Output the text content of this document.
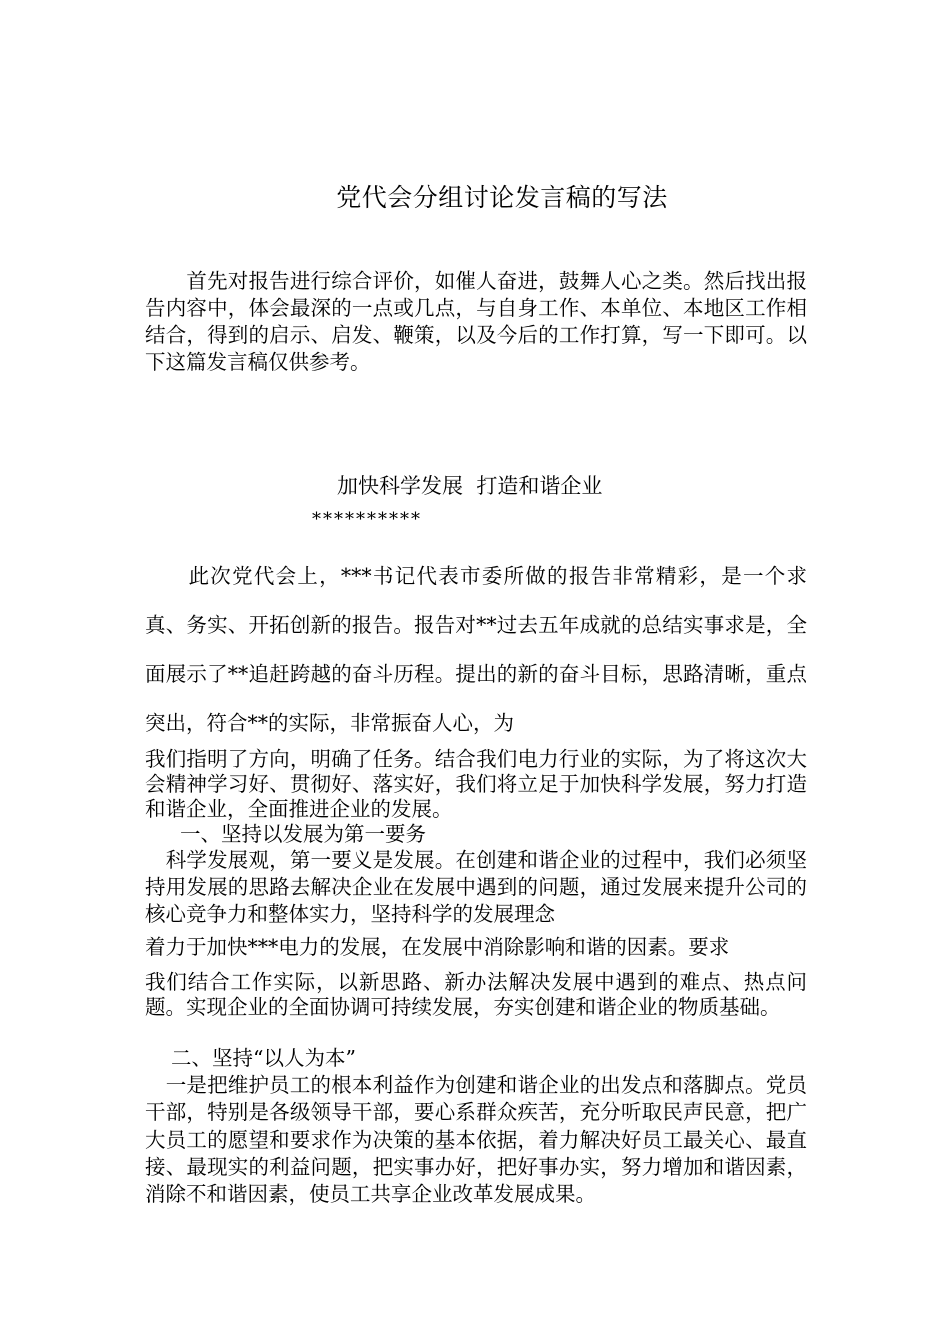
党代会分组讨论发言稿的写法
　　首先对报告进行综合评价，如催人奋进，鼓舞人心之类。然后找出报告内容中，体会最深的一点或几点，与自身工作、本单位、本地区工作相结合，得到的启示、启发、鞭策，以及今后的工作打算，写一下即可。以下这篇发言稿仅供参考。
加快科学发展  打造和谐企业
**********
　　此次党代会上，***书记代表市委所做的报告非常精彩，是一个求真、务实、开拓创新的报告。报告对**过去五年成就的总结实事求是，全面展示了**追赶跨越的奋斗历程。提出的新的奋斗目标，思路清晰，重点突出，符合**的实际，非常振奋人心，为
我们指明了方向，明确了任务。结合我们电力行业的实际，为了将这次大会精神学习好、贯彻好、落实好，我们将立足于加快科学发展，努力打造和谐企业，全面推进企业的发展。
一、坚持以发展为第一要务
　科学发展观，第一要义是发展。在创建和谐企业的过程中，我们必须坚持用发展的思路去解决企业在发展中遇到的问题，通过发展来提升公司的核心竞争力和整体实力，坚持科学的发展理念
着力于加快***电力的发展，在发展中消除影响和谐的因素。要求
我们结合工作实际，以新思路、新办法解决发展中遇到的难点、热点问题。实现企业的全面协调可持续发展，夯实创建和谐企业的物质基础。
二、坚持“以人为本”
　一是把维护员工的根本利益作为创建和谐企业的出发点和落脚点。党员干部，特别是各级领导干部，要心系群众疾苦，充分听取民声民意，把广大员工的愿望和要求作为决策的基本依据，着力解决好员工最关心、最直接、最现实的利益问题，把实事办好，把好事办实，努力增加和谐因素，消除不和谐因素，使员工共享企业改革发展成果。
